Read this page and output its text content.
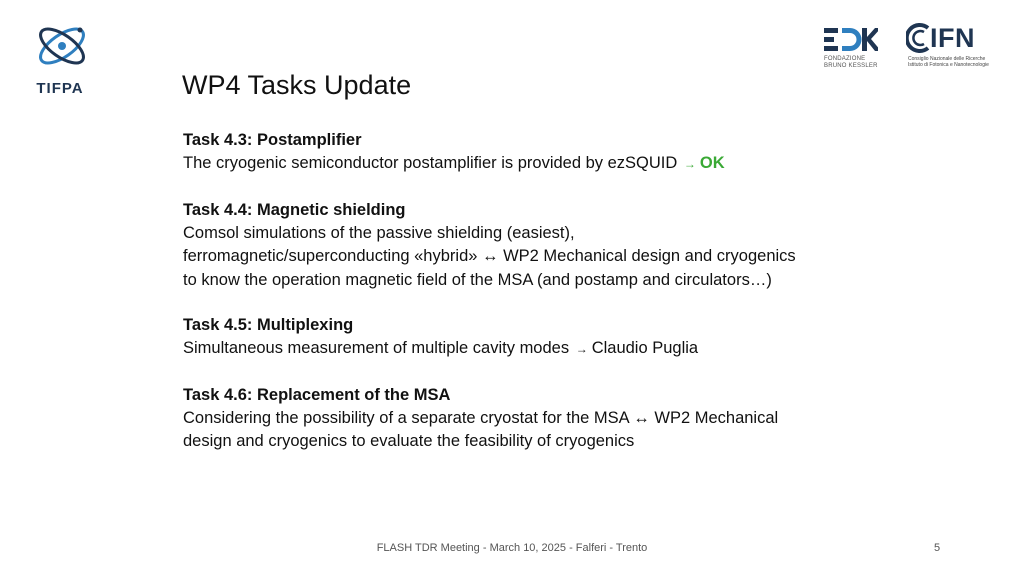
TIFPA
FONDAZIONE
BRUNO KESSLER
IFN
Consiglio Nazionale delle Ricerche
Istituto di Fotonica e Nanotecnologie
WP4 Tasks Update
Task 4.3: Postamplifier
The cryogenic semiconductor postamplifier is provided by ezSQUID → OK
Task 4.4: Magnetic shielding
Comsol simulations of the passive shielding (easiest),
ferromagnetic/superconducting «hybrid» ↔ WP2 Mechanical design and cryogenics
to know the operation magnetic field of the MSA (and postamp and circulators…)
Task 4.5: Multiplexing
Simultaneous measurement of multiple cavity modes → Claudio Puglia
Task 4.6: Replacement of the MSA
Considering the possibility of a separate cryostat for the MSA ↔ WP2 Mechanical
design and cryogenics to evaluate the feasibility of cryogenics
FLASH TDR Meeting - March 10, 2025 - Falferi - Trento	5
